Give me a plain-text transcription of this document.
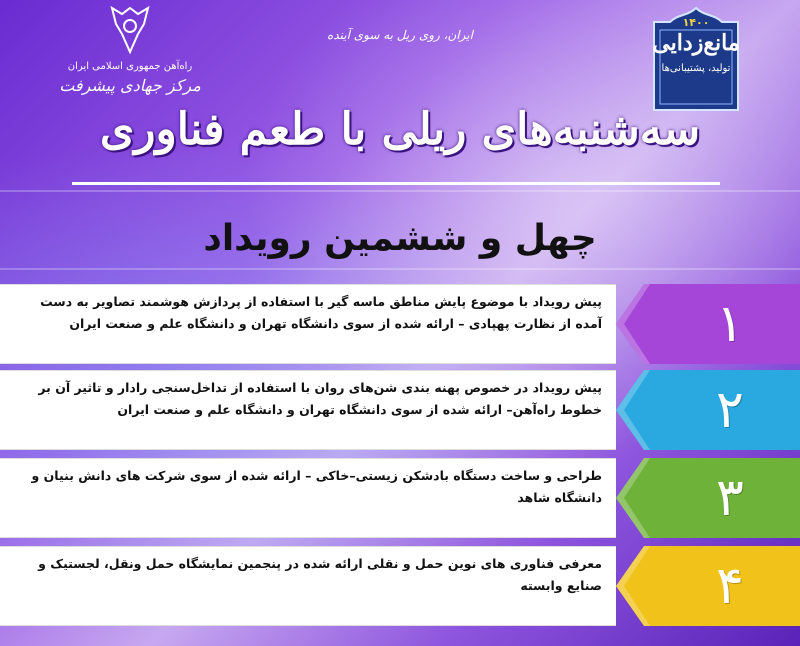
راه‌آهن جمهوری اسلامی ایران
مرکز جهادی پیشرفت
ایران، روی ریل به سوی آینده
۱۴۰۰
مانع‌زدایی
تولید، پشتیبانی‌ها
سه‌شنبه‌های ریلی با طعم فناوری
چهل و ششمین رویداد
پیش رویداد با موضوع پایش مناطق ماسه گیر با استفاده از پردازش هوشمند تصاویر به دست آمده از نظارت پهپادی – ارائه شده از سوی دانشگاه تهران و دانشگاه علم و صنعت ایران	۱
پیش رویداد در خصوص پهنه بندی شن‌های روان با استفاده از تداخل‌سنجی رادار و تاثیر آن بر خطوط راه‌آهن– ارائه شده از سوی دانشگاه تهران و دانشگاه علم و صنعت ایران	۲
طراحی و ساخت دستگاه بادشکن زیستی–خاکی – ارائه شده از سوی شرکت های دانش بنیان و دانشگاه شاهد	۳
معرفی فناوری های نوین حمل و نقلی ارائه شده در پنجمین نمایشگاه حمل ونقل، لجستیک و صنایع وابسته	۴
